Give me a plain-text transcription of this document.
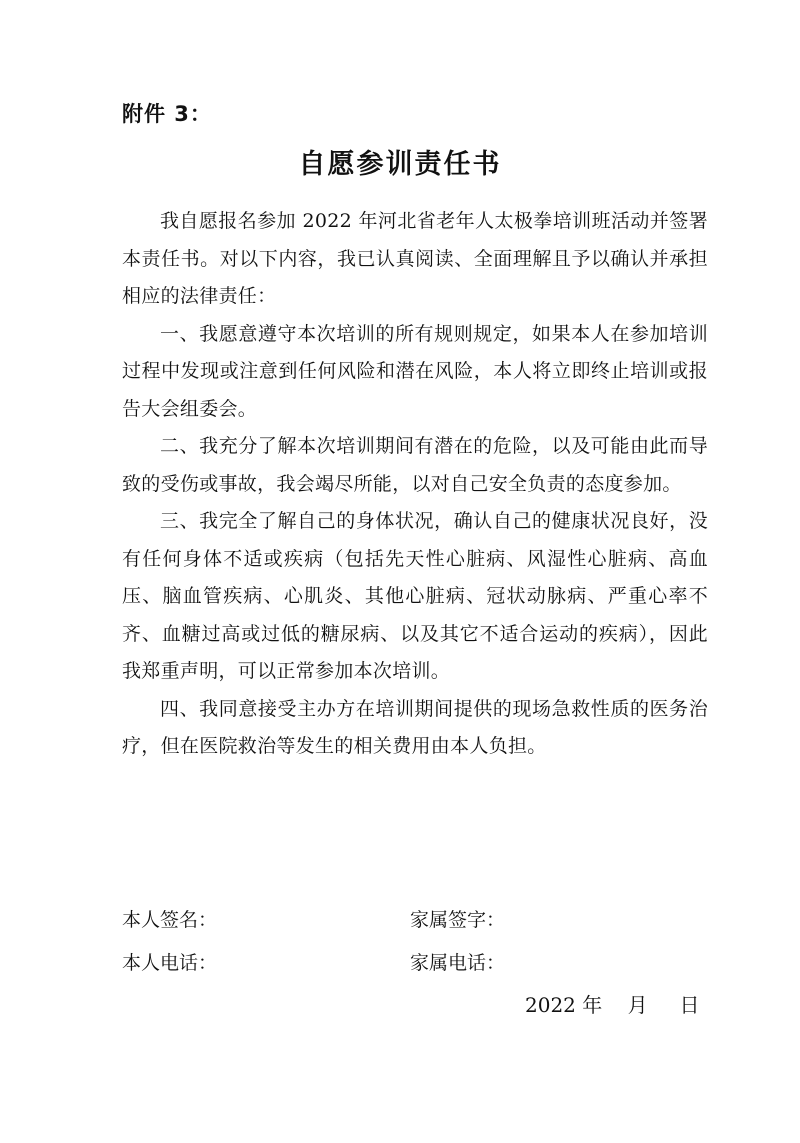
附件 3：
自愿参训责任书

我自愿报名参加 2022 年河北省老年人太极拳培训班活动并签署本责任书。对以下内容，我已认真阅读、全面理解且予以确认并承担相应的法律责任：

一、我愿意遵守本次培训的所有规则规定，如果本人在参加培训过程中发现或注意到任何风险和潜在风险，本人将立即终止培训或报告大会组委会。

二、我充分了解本次培训期间有潜在的危险，以及可能由此而导致的受伤或事故，我会竭尽所能，以对自己安全负责的态度参加。

三、我完全了解自己的身体状况，确认自己的健康状况良好，没有任何身体不适或疾病（包括先天性心脏病、风湿性心脏病、高血压、脑血管疾病、心肌炎、其他心脏病、冠状动脉病、严重心率不齐、血糖过高或过低的糖尿病、以及其它不适合运动的疾病），因此我郑重声明，可以正常参加本次培训。

四、我同意接受主办方在培训期间提供的现场急救性质的医务治疗，但在医院救治等发生的相关费用由本人负担。

本人签名：	家属签字：
本人电话：	家属电话：
2022 年    月     日
